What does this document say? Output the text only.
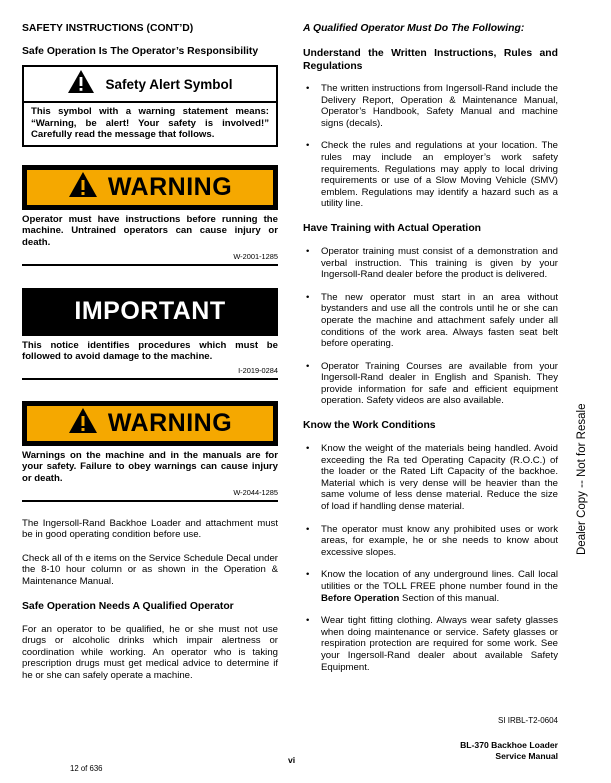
SAFETY INSTRUCTIONS (CONT’D)
Safe Operation Is The Operator’s Responsibility
Safety Alert Symbol
This symbol with a warning statement means: “Warning, be alert! Your safety is involved!” Carefully read the message that follows.
WARNING
Operator must have instructions before running the machine. Untrained operators can cause injury or death.
W-2001-1285
IMPORTANT
This notice identifies procedures which must be followed to avoid damage to the machine.
I-2019-0284
WARNING
Warnings on the machine and in the manuals are for your safety. Failure to obey warnings can cause injury or death.
W-2044-1285
The Ingersoll-Rand Backhoe Loader and attachment must be in good operating condition before use.
Check all of th e items on the Service Schedule Decal under the 8-10 hour column or as shown in the Operation & Maintenance Manual.
Safe Operation Needs A Qualified Operator
For an operator to be qualified, he or she must not use drugs or alcoholic drinks which impair alertness or coordination while working. An operator who is taking prescription drugs must get medical advice to determine if he or she can safely operate a machine.
A Qualified Operator Must Do The Following:
Understand the Written Instructions, Rules and Regulations
• The written instructions from Ingersoll-Rand include the Delivery Report, Operation & Maintenance Manual, Operator’s Handbook, Safety Manual and machine signs (decals).
• Check the rules and regulations at your location. The rules may include an employer’s work safety requirements. Regulations may apply to local driving requirements or use of a Slow Moving Vehicle (SMV) emblem. Regulations may identify a hazard such as a utility line.
Have Training with Actual Operation
• Operator training must consist of a demonstration and verbal instruction. This training is given by your Ingersoll-Rand dealer before the product is delivered.
• The new operator must start in an area without bystanders and use all the controls until he or she can operate the machine and attachment safely under all conditions of the work area. Always fasten seat belt before operating.
• Operator Training Courses are available from your Ingersoll-Rand dealer in English and Spanish. They provide information for safe and efficient equipment operation. Safety videos are also available.
Know the Work Conditions
• Know the weight of the materials being handled. Avoid exceeding the Ra ted Operating Capacity (R.O.C.) of the loader or the Rated Lift Capacity of the backhoe. Material which is very dense will be heavier than the same volume of less dense material. Reduce the size of load if handling dense material.
• The operator must know any prohibited uses or work areas, for example, he or she needs to know about excessive slopes.
• Know the location of any underground lines. Call local utilities or the TOLL FREE phone number found in the Before Operation Section of this manual.
• Wear tight fitting clothing. Always wear safety glasses when doing maintenance or service. Safety glasses or respiration protection are required for some work. See your Ingersoll-Rand dealer about available Safety Equipment.
Dealer Copy -- Not for Resale
SI IRBL-T2-0604
BL-370 Backhoe Loader
Service Manual
vi
12 of 636
